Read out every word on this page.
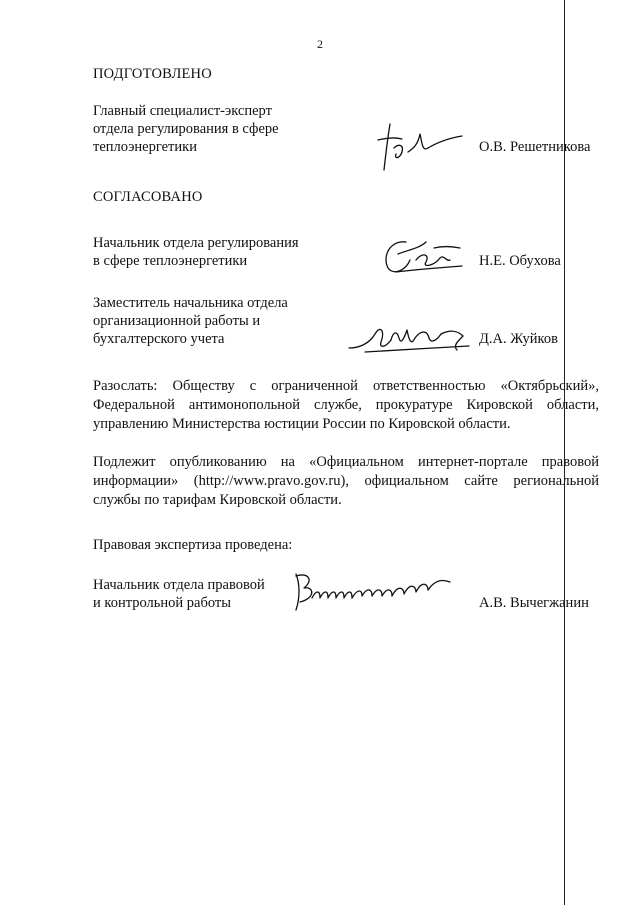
2
ПОДГОТОВЛЕНО
Главный специалист-эксперт
отдела регулирования в сфере
теплоэнергетики	О.В. Решетникова
СОГЛАСОВАНО
Начальник отдела регулирования
в сфере теплоэнергетики	Н.Е. Обухова
Заместитель начальника отдела
организационной работы и
бухгалтерского учета	Д.А. Жуйков
Разослать: Обществу с ограниченной ответственностью «Октябрьский»,
Федеральной антимонопольной службе, прокуратуре Кировской области,
управлению Министерства юстиции России по Кировской области.
Подлежит опубликованию на «Официальном интернет-портале правовой
информации» (http://www.pravo.gov.ru), официальном сайте региональной
службы по тарифам Кировской области.
Правовая экспертиза проведена:
Начальник отдела правовой
и контрольной работы	А.В. Вычегжанин
